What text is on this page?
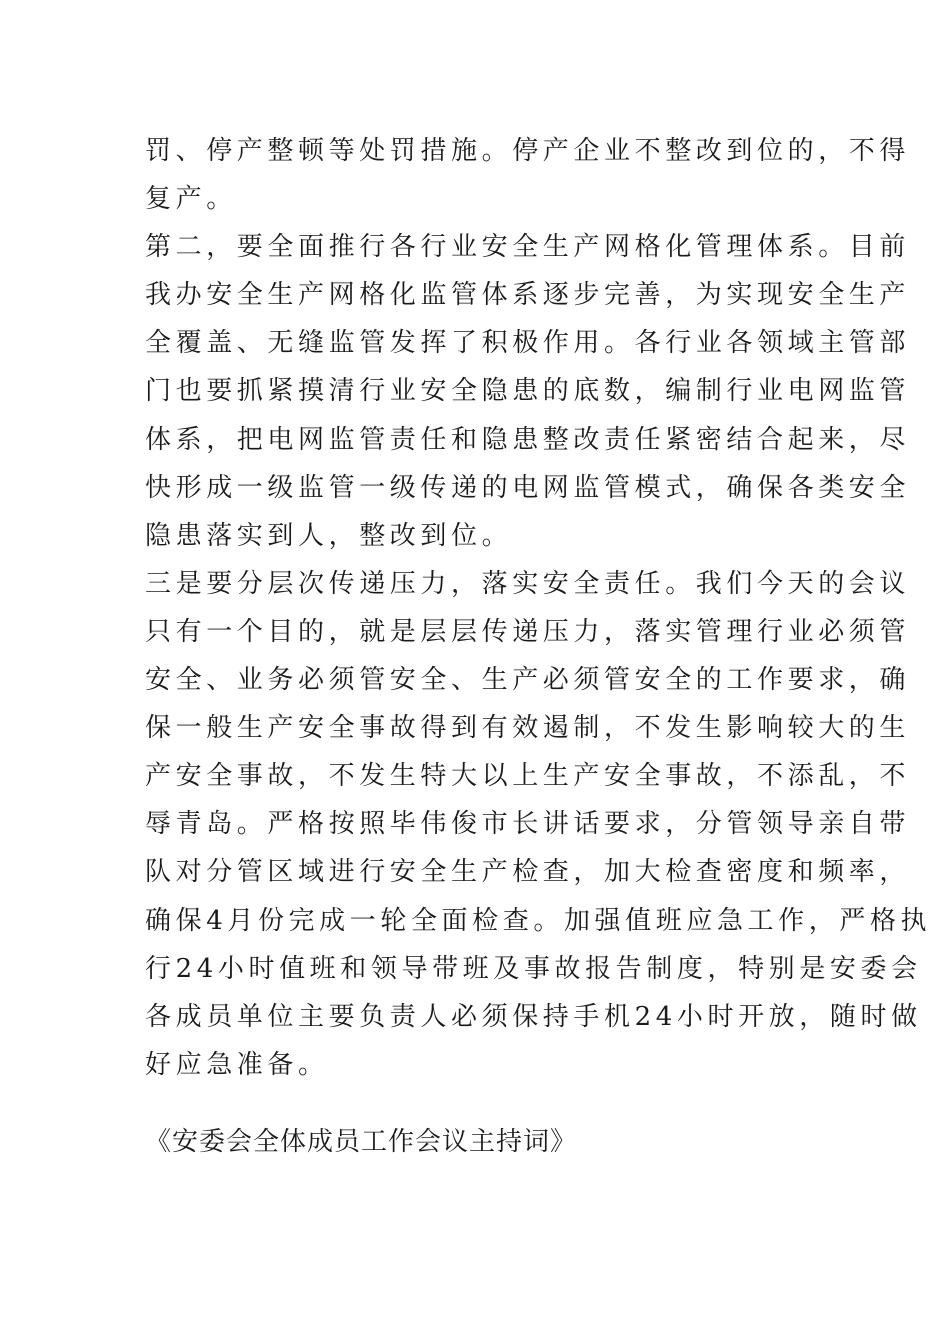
罚、停产整顿等处罚措施。停产企业不整改到位的，不得
复产。
第二，要全面推行各行业安全生产网格化管理体系。目前
我办安全生产网格化监管体系逐步完善，为实现安全生产
全覆盖、无缝监管发挥了积极作用。各行业各领域主管部
门也要抓紧摸清行业安全隐患的底数，编制行业电网监管
体系，把电网监管责任和隐患整改责任紧密结合起来，尽
快形成一级监管一级传递的电网监管模式，确保各类安全
隐患落实到人，整改到位。
三是要分层次传递压力，落实安全责任。我们今天的会议
只有一个目的，就是层层传递压力，落实管理行业必须管
安全、业务必须管安全、生产必须管安全的工作要求，确
保一般生产安全事故得到有效遏制，不发生影响较大的生
产安全事故，不发生特大以上生产安全事故，不添乱，不
辱青岛。严格按照毕伟俊市长讲话要求，分管领导亲自带
队对分管区域进行安全生产检查，加大检查密度和频率，
确保4月份完成一轮全面检查。加强值班应急工作，严格执
行24小时值班和领导带班及事故报告制度，特别是安委会
各成员单位主要负责人必须保持手机24小时开放，随时做
好应急准备。
《安委会全体成员工作会议主持词》
